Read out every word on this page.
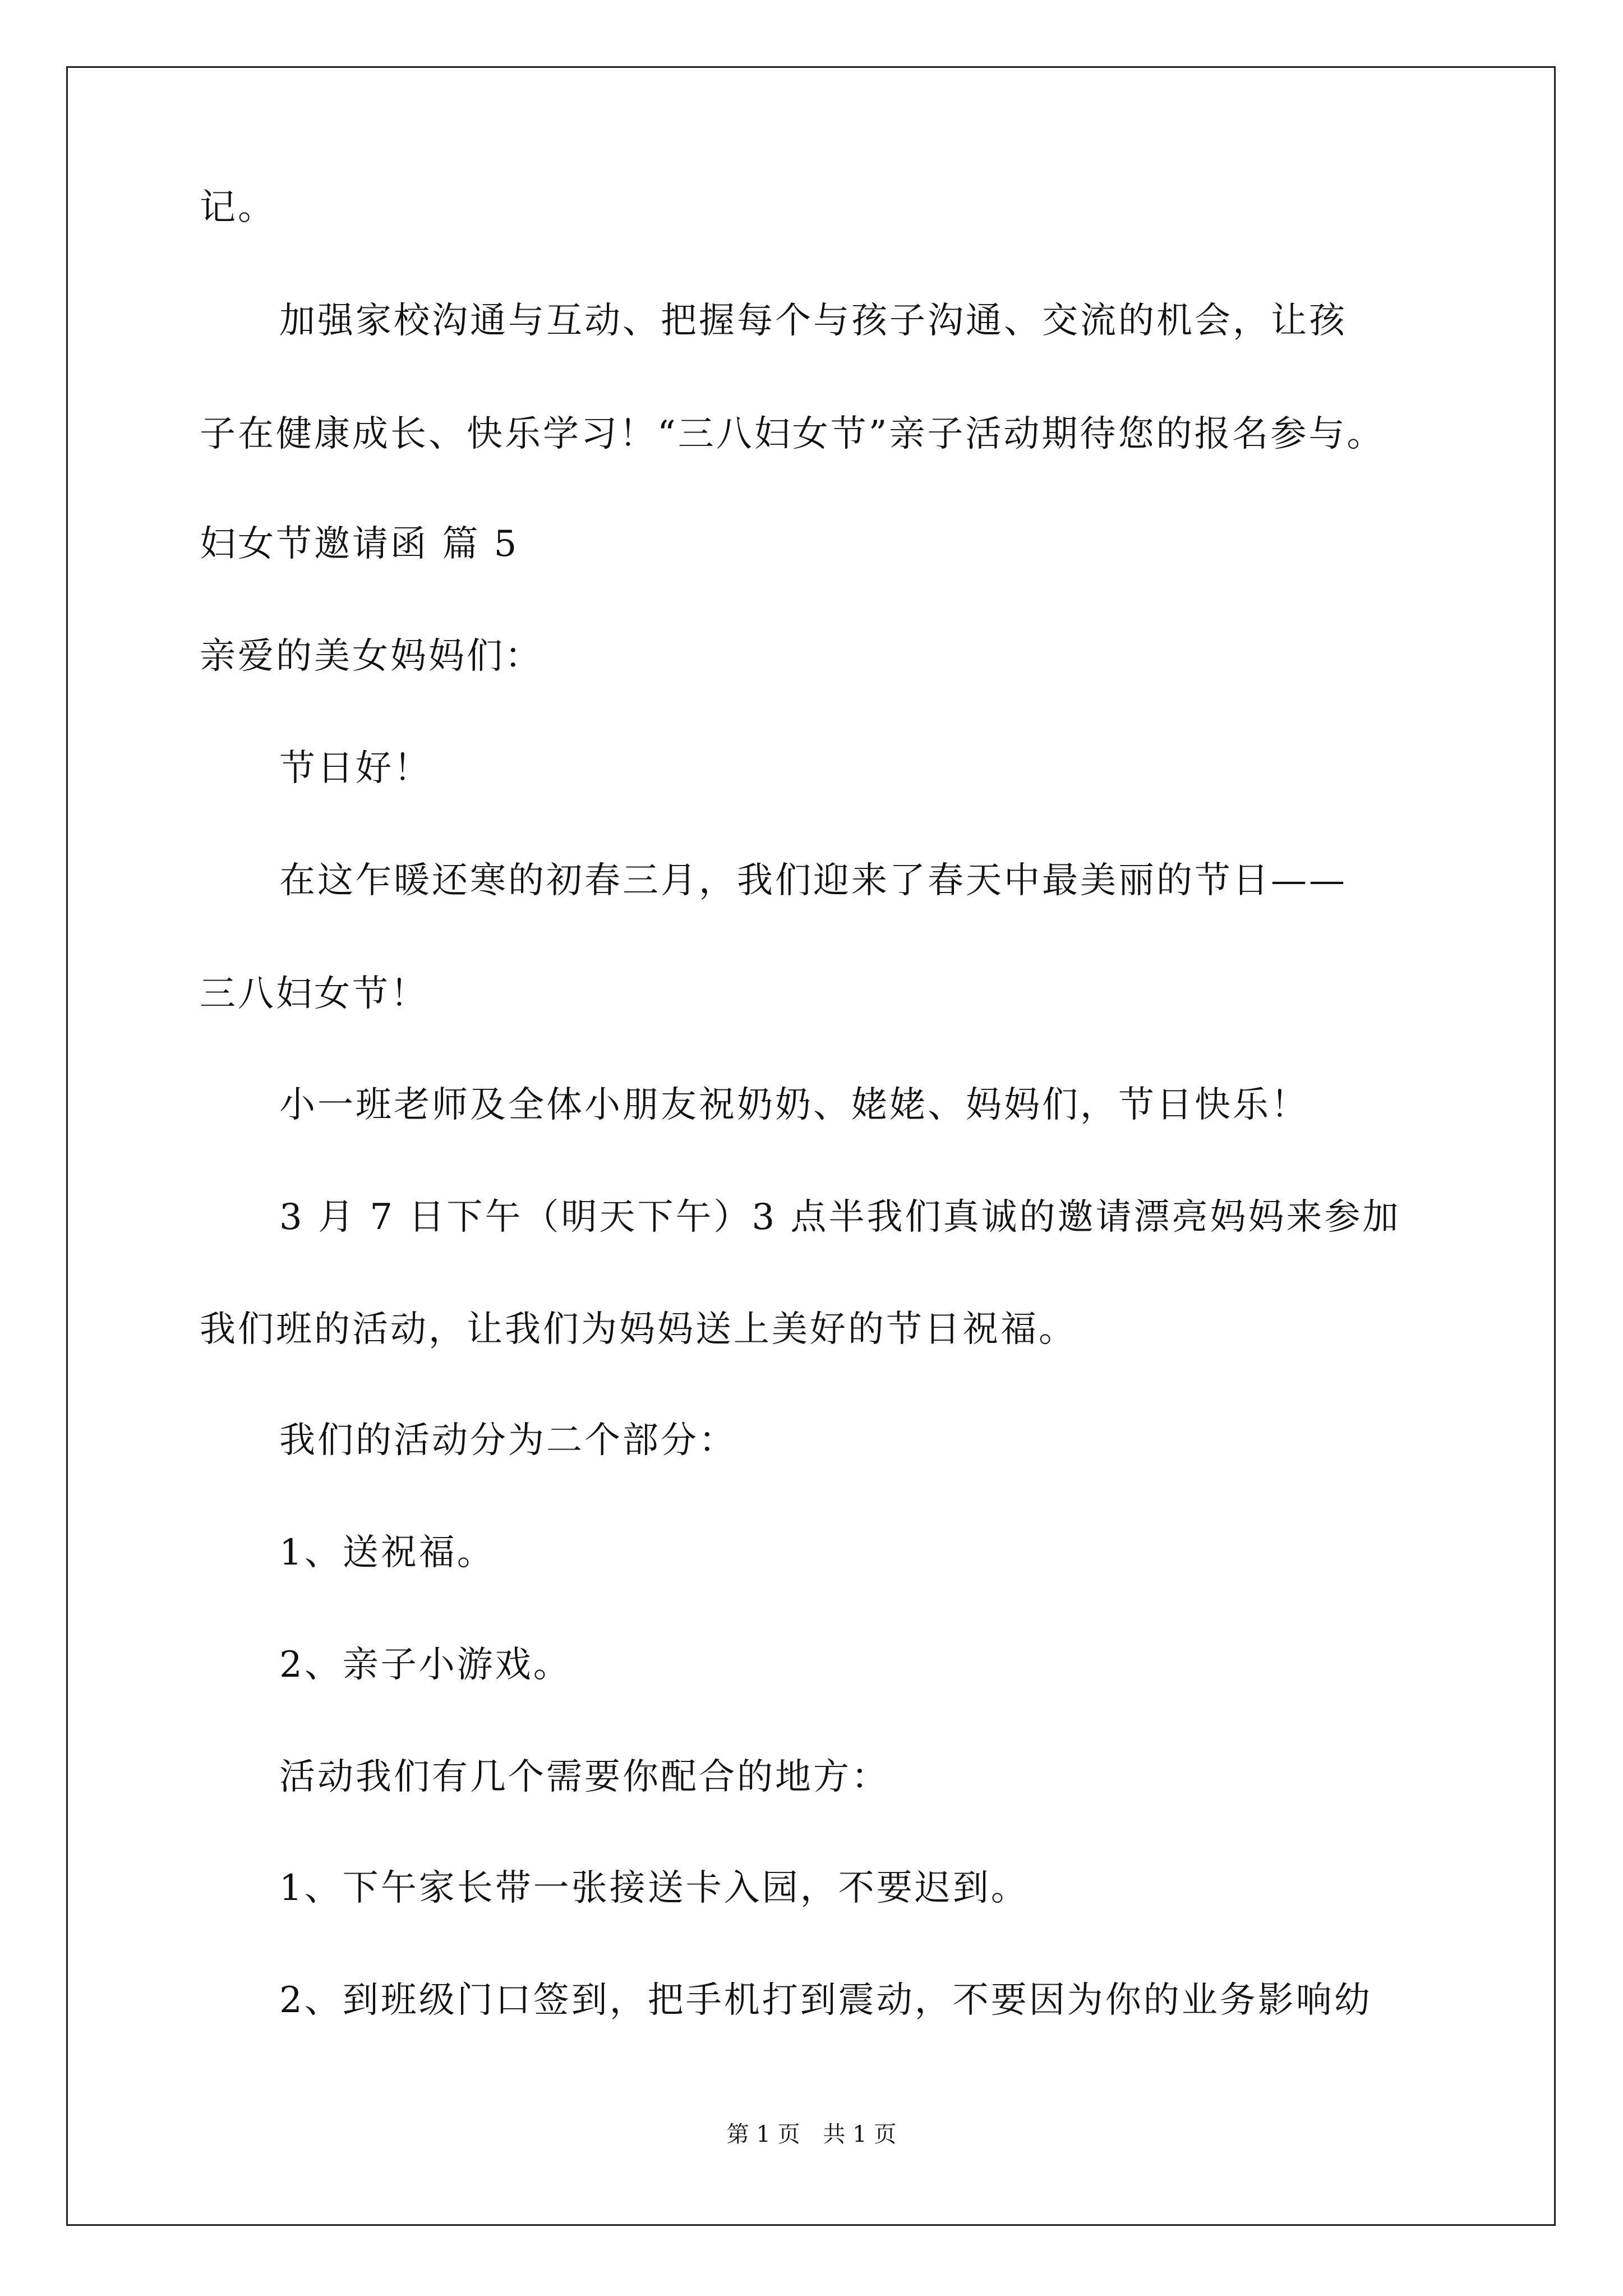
记。
加强家校沟通与互动、把握每个与孩子沟通、交流的机会，让孩
子在健康成长、快乐学习！“三八妇女节”亲子活动期待您的报名参与。
妇女节邀请函 篇 5
亲爱的美女妈妈们：
节日好！
在这乍暖还寒的初春三月，我们迎来了春天中最美丽的节日——
三八妇女节！
小一班老师及全体小朋友祝奶奶、姥姥、妈妈们，节日快乐！
3 月 7 日下午（明天下午）3 点半我们真诚的邀请漂亮妈妈来参加
我们班的活动，让我们为妈妈送上美好的节日祝福。
我们的活动分为二个部分：
1、送祝福。
2、亲子小游戏。
活动我们有几个需要你配合的地方：
1、下午家长带一张接送卡入园，不要迟到。
2、到班级门口签到，把手机打到震动，不要因为你的业务影响幼
第 1 页 共 1 页
